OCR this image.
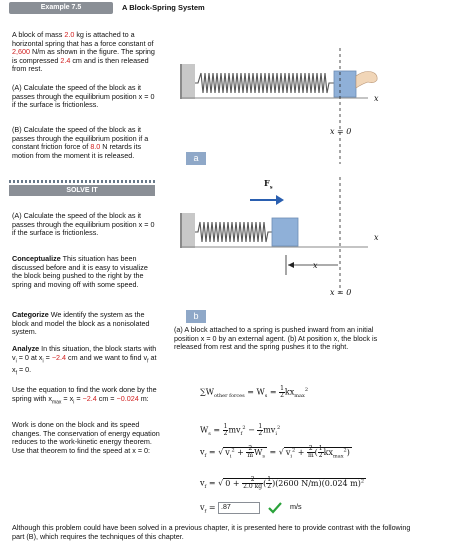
Example 7.5	A Block-Spring System
A block of mass 2.0 kg is attached to a horizontal spring that has a force constant of 2,600 N/m as shown in the figure. The spring is compressed 2.4 cm and is then released from rest.
(A) Calculate the speed of the block as it passes through the equilibrium position x = 0 if the surface is frictionless.
(B) Calculate the speed of the block as it passes through the equilibrium position if a constant friction force of 8.0 N retards its motion from the moment it is released.
x
x = 0
a
SOLVE IT
$F_s$
x
x
x = 0
b
(a) A block attached to a spring is pushed inward from an initial position x = 0 by an external agent. (b) At position x, the block is released from rest and the spring pushes it to the right.
(A) Calculate the speed of the block as it passes through the equilibrium position x = 0 if the surface is frictionless.
Conceptualize This situation has been discussed before and it is easy to visualize the block being pushed to the right by the spring and moving off with some speed.
Categorize We identify the system as the block and model the block as a nonisolated system.
Analyze In this situation, the block starts with $v_i = 0$ at $x_i = -2.4$ cm and we want to find $v_f$ at $x_f = 0$.
Use the equation to find the work done by the spring with $x_{max} = x_i = -2.4$ cm = −0.024 m:
Work is done on the block and its speed changes. The conservation of energy equation reduces to the work-kinetic energy theorem. Use that theorem to find the speed at x = 0:
$\sum W_{other forces} = W_s = \frac{1}{2}kx_{max}^2$
$W_s = 1$
$2mv_f^2 - 1$
$2mv_i^2$
$v_f$ = √ $v_i^2 + 2$
$mW_s$ = √ $v_i^2 + 2$
m(1
$2kx_{max}^2$)
$v_f$ = √ 0 + 2
2.0 kg(1
2)(2600 N/m)(0.024 m)$^2$
$v_f = .87$	m/s
Although this problem could have been solved in a previous chapter, it is presented here to provide contrast with the following part (B), which requires the techniques of this chapter.
